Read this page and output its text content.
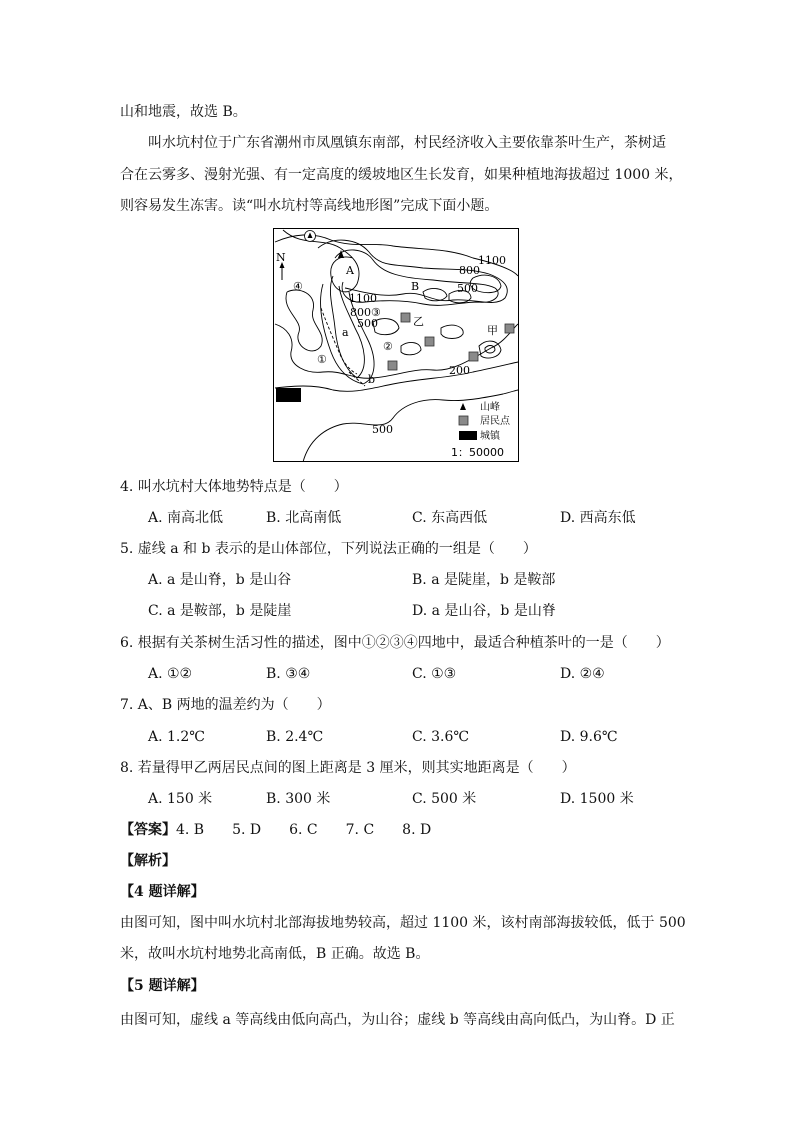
山和地震，故选 B。
叫水坑村位于广东省潮州市凤凰镇东南部，村民经济收入主要依靠茶叶生产，茶树适
合在云雾多、漫射光强、有一定高度的缓坡地区生长发育，如果种植地海拔超过 1000 米，
则容易发生冻害。读“叫水坑村等高线地形图”完成下面小题。
N
A
B
a
b
1100
800
500
1100
800③
500
200
500
乙
甲
①
②
④
山峰
居民点
城镇
1：50000
4. 叫水坑村大体地势特点是（　　）
A. 南高北低	B. 北高南低	C. 东高西低	D. 西高东低
5. 虚线 a 和 b 表示的是山体部位，下列说法正确的一组是（　　）
A. a 是山脊，b 是山谷	B. a 是陡崖，b 是鞍部
C. a 是鞍部，b 是陡崖	D. a 是山谷，b 是山脊
6. 根据有关茶树生活习性的描述，图中①②③④四地中，最适合种植茶叶的一是（　　）
A. ①②	B. ③④	C. ①③	D. ②④
7. A、B 两地的温差约为（　　）
A. 1.2℃	B. 2.4℃	C. 3.6℃	D. 9.6℃
8. 若量得甲乙两居民点间的图上距离是 3 厘米，则其实地距离是（　　）
A. 150 米	B. 300 米	C. 500 米	D. 1500 米
【答案】4. B　　5. D　　6. C　　7. C　　8. D
【解析】
【4 题详解】
由图可知，图中叫水坑村北部海拔地势较高，超过 1100 米，该村南部海拔较低，低于 500
米，故叫水坑村地势北高南低，B 正确。故选 B。
【5 题详解】
由图可知，虚线 a 等高线由低向高凸，为山谷；虚线 b 等高线由高向低凸，为山脊。D 正
